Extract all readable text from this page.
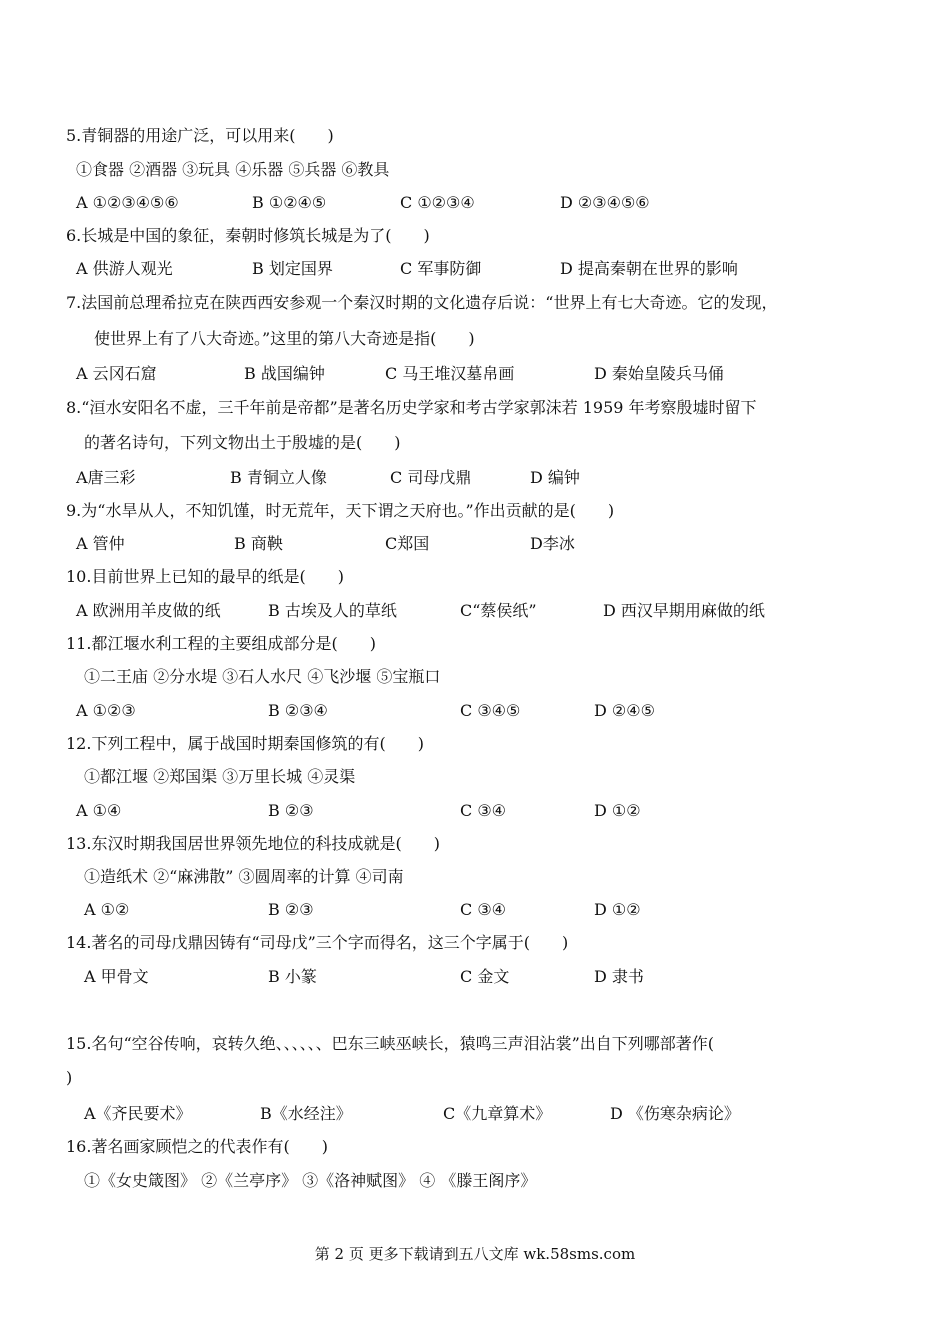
5.青铜器的用途广泛，可以用来(　　)
①食器 ②酒器 ③玩具 ④乐器 ⑤兵器 ⑥教具
A ①②③④⑤⑥	B ①②④⑤	C ①②③④	D ②③④⑤⑥
6.长城是中国的象征，秦朝时修筑长城是为了(　　)
A 供游人观光	B 划定国界	C 军事防御	D 提高秦朝在世界的影响
7.法国前总理希拉克在陕西西安参观一个秦汉时期的文化遗存后说：“世界上有七大奇迹。它的发现，
使世界上有了八大奇迹。”这里的第八大奇迹是指(　　)
A 云冈石窟	B 战国编钟	C 马王堆汉墓帛画	D 秦始皇陵兵马俑
8.“洹水安阳名不虚，三千年前是帝都”是著名历史学家和考古学家郭沫若 1959 年考察殷墟时留下
的著名诗句，下列文物出土于殷墟的是(　　)
A唐三彩	B 青铜立人像	C 司母戊鼎	D 编钟
9.为“水旱从人，不知饥馑，时无荒年，天下谓之天府也。”作出贡献的是(　　)
A 管仲	B 商鞅	C郑国	D李冰
10.目前世界上已知的最早的纸是(　　)
A 欧洲用羊皮做的纸	B 古埃及人的草纸	C“蔡侯纸”	D 西汉早期用麻做的纸
11.都江堰水利工程的主要组成部分是(　　)
①二王庙 ②分水堤 ③石人水尺 ④飞沙堰 ⑤宝瓶口
A ①②③	B ②③④	C ③④⑤	D ②④⑤
12.下列工程中，属于战国时期秦国修筑的有(　　)
①都江堰 ②郑国渠 ③万里长城 ④灵渠
A ①④	B ②③	C ③④	D ①②
13.东汉时期我国居世界领先地位的科技成就是(　　)
①造纸术 ②“麻沸散” ③圆周率的计算 ④司南
A ①②	B ②③	C ③④	D ①②
14.著名的司母戊鼎因铸有“司母戊”三个字而得名，这三个字属于(　　)
A 甲骨文	B 小篆	C 金文	D 隶书
15.名句“空谷传响，哀转久绝、、、、、、巴东三峡巫峡长，猿鸣三声泪沾裳”出自下列哪部著作(
)
A《齐民要术》	B《水经注》	C《九章算术》	D 《伤寒杂病论》
16.著名画家顾恺之的代表作有(　　)
①《女史箴图》 ②《兰亭序》 ③《洛神赋图》 ④ 《滕王阁序》
第 2 页 更多下载请到五八文库 wk.58sms.com
